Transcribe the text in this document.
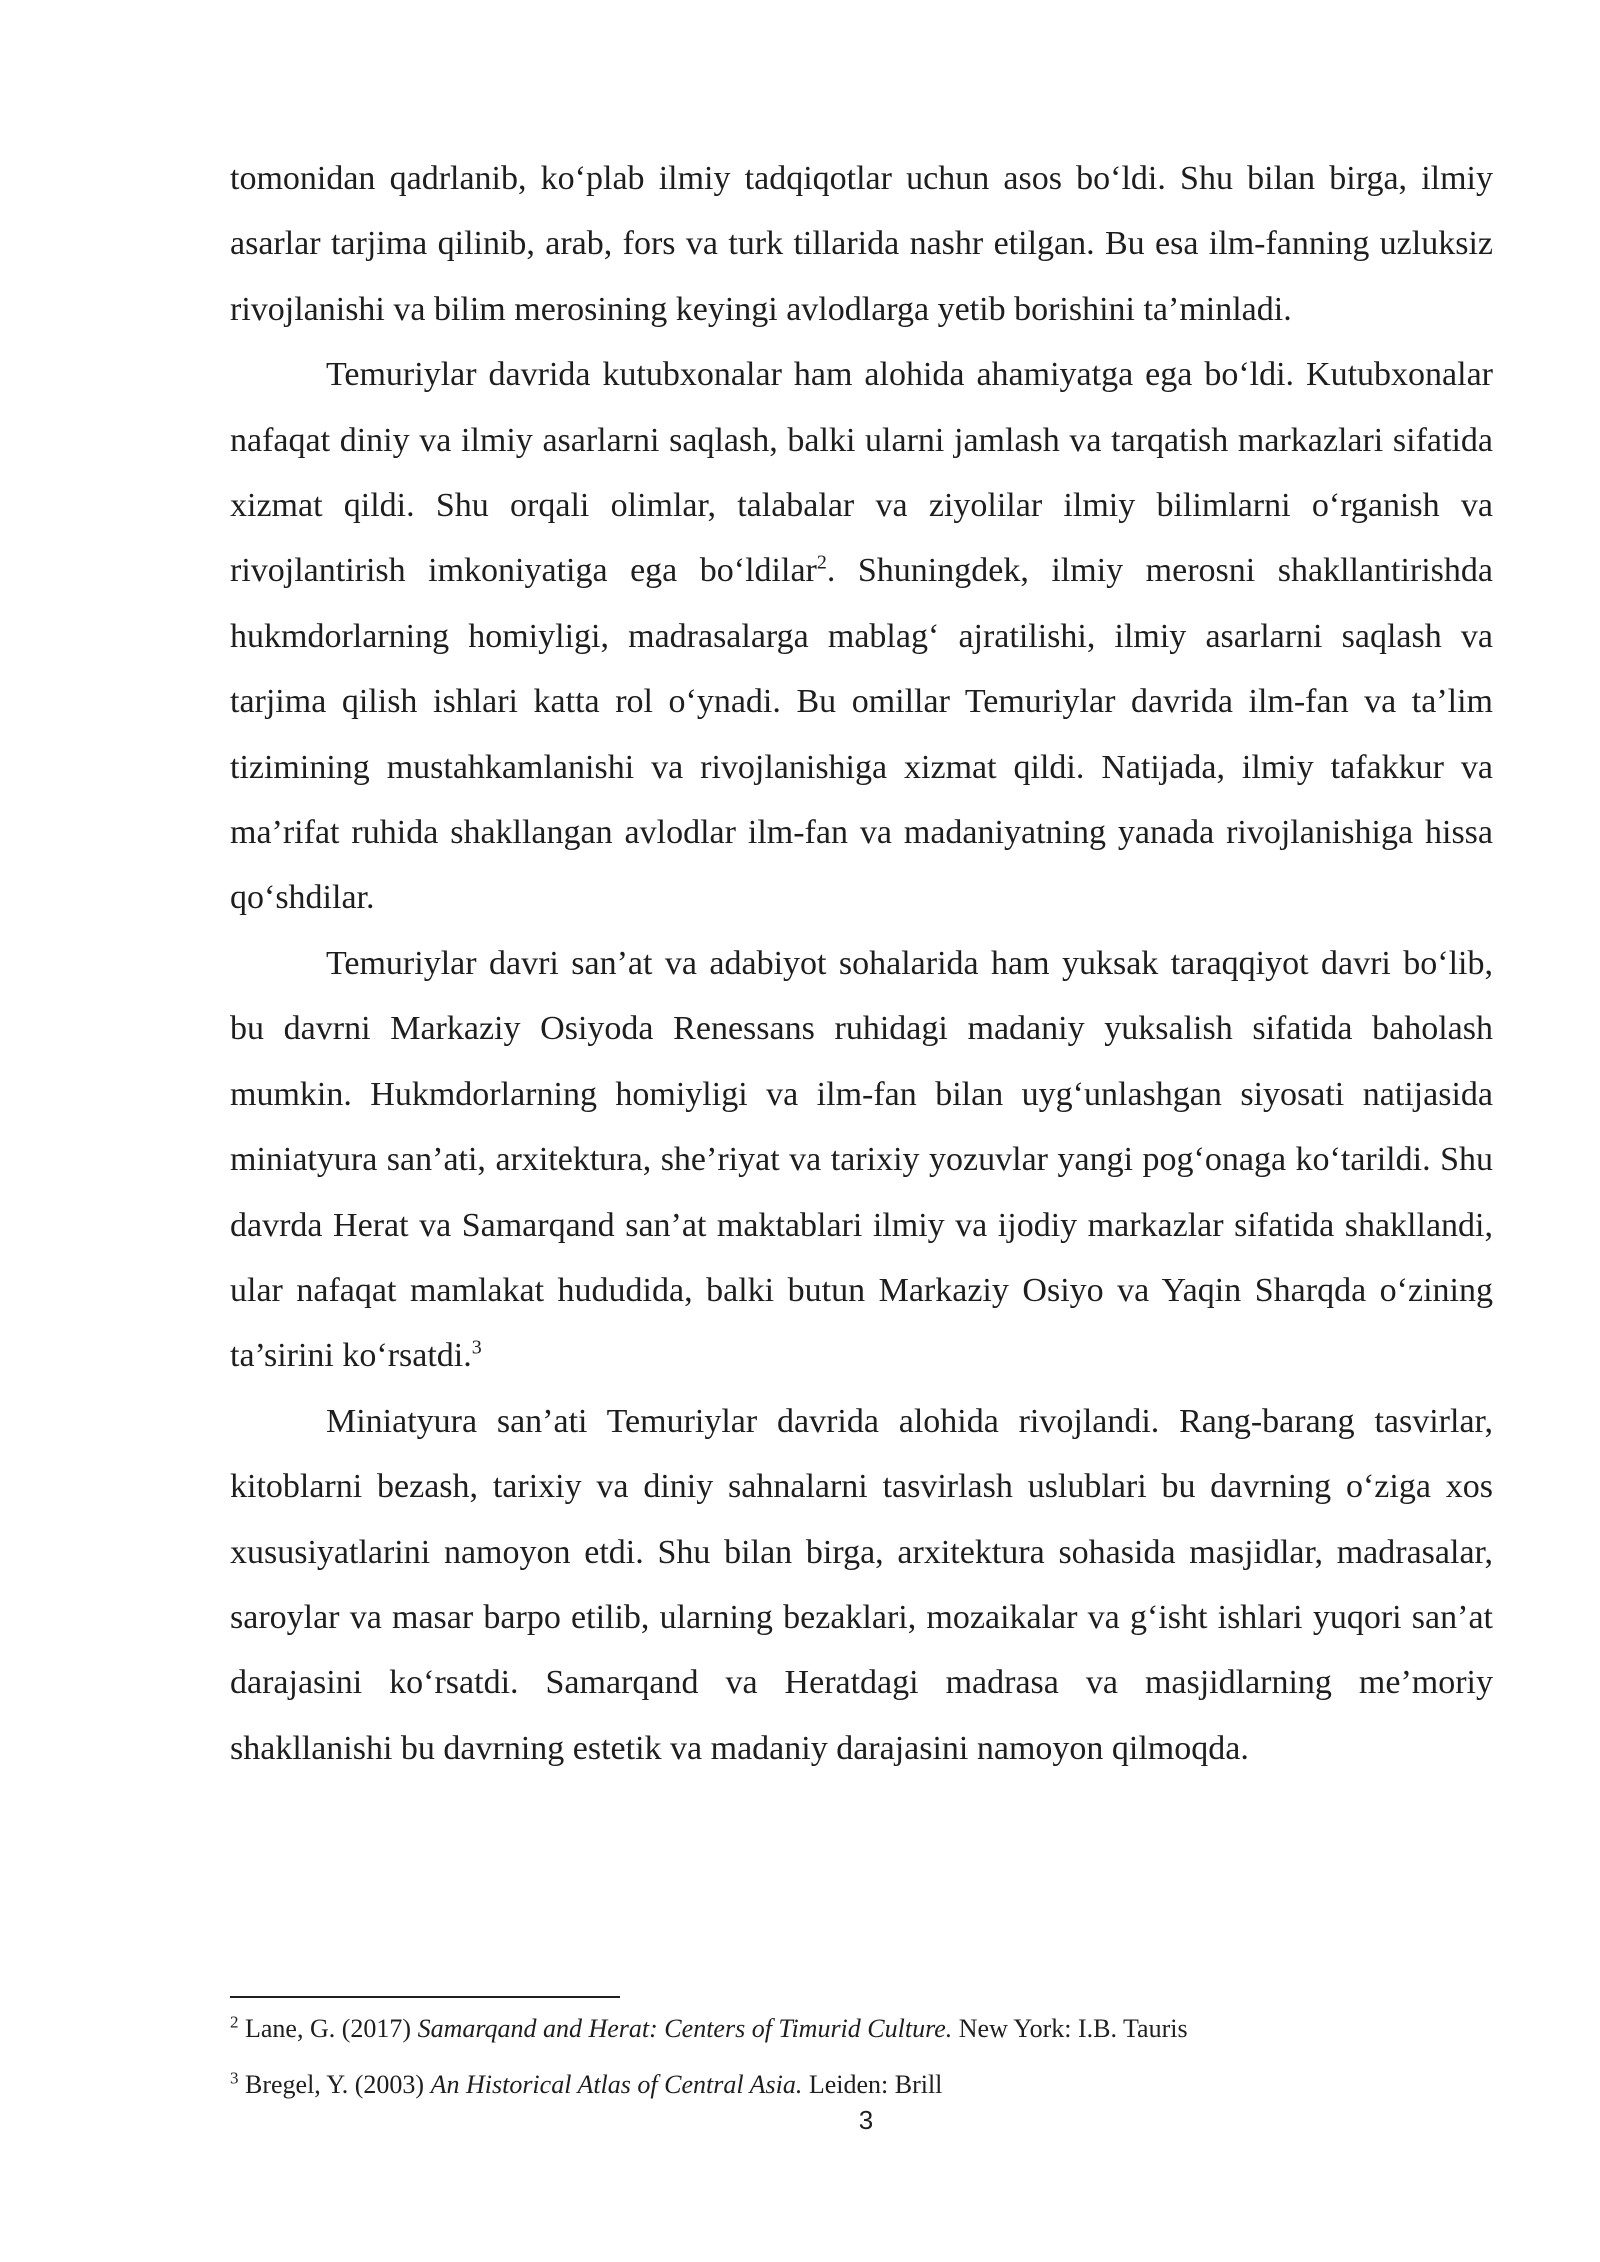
tomonidan qadrlanib, ko‘plab ilmiy tadqiqotlar uchun asos bo‘ldi. Shu bilan birga, ilmiy asarlar tarjima qilinib, arab, fors va turk tillarida nashr etilgan. Bu esa ilm-fanning uzluksiz rivojlanishi va bilim merosining keyingi avlodlarga yetib borishini ta’minladi.

Temuriylar davrida kutubxonalar ham alohida ahamiyatga ega bo‘ldi. Kutubxonalar nafaqat diniy va ilmiy asarlarni saqlash, balki ularni jamlash va tarqatish markazlari sifatida xizmat qildi. Shu orqali olimlar, talabalar va ziyolilar ilmiy bilimlarni o‘rganish va rivojlantirish imkoniyatiga ega bo‘ldilar$^2$. Shuningdek, ilmiy merosni shakllantirishda hukmdorlarning homiyligi, madrasalarga mablag‘ ajratilishi, ilmiy asarlarni saqlash va tarjima qilish ishlari katta rol o‘ynadi. Bu omillar Temuriylar davrida ilm-fan va ta’lim tizimining mustahkamlanishi va rivojlanishiga xizmat qildi. Natijada, ilmiy tafakkur va ma’rifat ruhida shakllangan avlodlar ilm-fan va madaniyatning yanada rivojlanishiga hissa qo‘shdilar.

Temuriylar davri san’at va adabiyot sohalarida ham yuksak taraqqiyot davri bo‘lib, bu davrni Markaziy Osiyoda Renessans ruhidagi madaniy yuksalish sifatida baholash mumkin. Hukmdorlarning homiyligi va ilm-fan bilan uyg‘unlashgan siyosati natijasida miniatyura san’ati, arxitektura, she’riyat va tarixiy yozuvlar yangi pog‘onaga ko‘tarildi. Shu davrda Herat va Samarqand san’at maktablari ilmiy va ijodiy markazlar sifatida shakllandi, ular nafaqat mamlakat hududida, balki butun Markaziy Osiyo va Yaqin Sharqda o‘zining ta’sirini ko‘rsatdi.$^3$

Miniatyura san’ati Temuriylar davrida alohida rivojlandi. Rang-barang tasvirlar, kitoblarni bezash, tarixiy va diniy sahnalarni tasvirlash uslublari bu davrning o‘ziga xos xususiyatlarini namoyon etdi. Shu bilan birga, arxitektura sohasida masjidlar, madrasalar, saroylar va masar barpo etilib, ularning bezaklari, mozaikalar va g‘isht ishlari yuqori san’at darajasini ko‘rsatdi. Samarqand va Heratdagi madrasa va masjidlarning me’moriy shakllanishi bu davrning estetik va madaniy darajasini namoyon qilmoqda.

$^2$ Lane, G. (2017) Samarqand and Herat: Centers of Timurid Culture. New York: I.B. Tauris

$^3$ Bregel, Y. (2003) An Historical Atlas of Central Asia. Leiden: Brill

3
